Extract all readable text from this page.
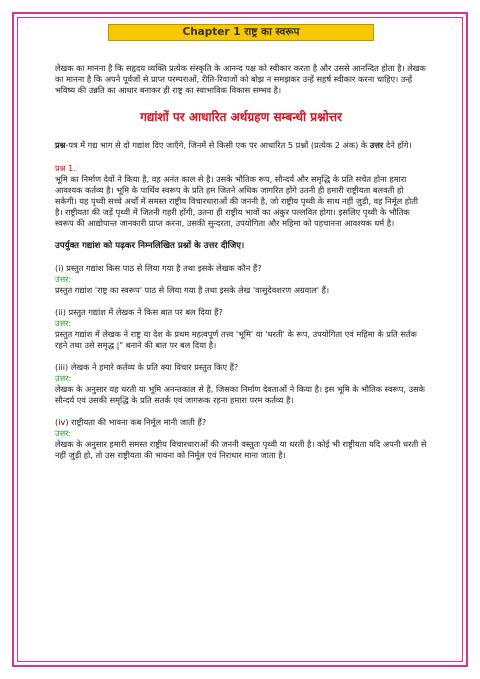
Chapter 1 राष्ट्र का स्वरूप

लेखक का मानना है कि सहृदय व्यक्ति प्रत्येक संस्कृति के आनन्द पक्ष को स्वीकार करता है और उससे आनन्दित होता है। लेखक का मानना है कि अपने पूर्वजों से प्राप्त परम्पराओं, रीति-रिवाजों को बोझ न समझकर उन्हें सहर्ष स्वीकार करना चाहिए। उन्हें भविष्य की उन्नति का आधार बनाकर ही राष्ट्र का स्वाभाविक विकास सम्भव है।

गद्यांशों पर आधारित अर्थग्रहण सम्बन्धी प्रश्नोत्तर

प्रश्न-पत्र में गद्य भाग से दो गद्यांश दिए जाएँगे, जिनमें से किसी एक पर आधारित 5 प्रश्नों (प्रत्येक 2 अंक) के उत्तर देने होंगे।

प्रश्न 1.

भूमि का निर्माण देवों ने किया है, वह अनंत काल से है। उसके भौतिक रूप, सौन्दर्य और समृद्धि के प्रति सचेत होना हमारा आवश्यक कर्तव्य है। भूमि के पार्थिव स्वरूप के प्रति हम जितने अधिक जागरित होंगे उतनी ही हमारी राष्ट्रीयता बलवती हो सकेगी। यह पृथ्वी सच्चे अर्थों में समस्त राष्ट्रीय विचारधाराओं की जननी है, जो राष्ट्रीय पृथ्वी के साथ नहीं जुड़ी, वह निर्मूल होती है। राष्ट्रीयता की जड़ें पृथ्वी में जितनी गहरी होंगी, उतना ही राष्ट्रीय भावों का अंकुर पल्लवित होगा। इसलिए पृथ्वी के भौतिक स्वरूप की आद्योपान्त जानकारी प्राप्त करना, उसकी सुन्दरता, उपयोगिता और महिमा को पहचानना आवश्यक धर्म है।

उपर्युक्त गद्यांश को पढ़कर निम्नलिखित प्रश्नों के उत्तर दीजिए।

(i) प्रस्तुत गद्यांश किस पाठ से लिया गया है तथा इसके लेखक कौन हैं?

उत्तर:

प्रस्तुत गद्यांश 'राष्ट्र का स्वरूप' पाठ से लिया गया है तथा इसके लेख 'वासुदेवशरण अग्रवाल' हैं।

(ii) प्रस्तुत गद्यांश में लेखक ने किस बात पर बल दिया हैं?

उत्तर:

प्रस्तुत गद्यांश में लेखक ने राष्ट्र या देश के प्रथम महत्वपूर्ण तत्त्व 'भूमि' या 'धरती' के रूप, उपयोगिता एवं महिमा के प्रति सर्तक रहने तथा उसे समृद्ध |" बनाने की बात पर बल दिया है।

(iii) लेखक ने हमारे कर्तव्य के प्रति क्या विचार प्रस्तुत किए हैं?

उत्तर:

लेखक के अनुसार यह धरती या भूमि अनन्तकाल से है, जिसका निर्माण देवताओं ने किया है। इस भूमि के भौतिक स्वरूप, उसके सौन्दर्य एवं उसकी समृद्धि के प्रति सतर्क एवं जागरूक रहना हमारा परम कर्तव्य है।

(iv) राष्ट्रीयता की भावना कब निर्मूल मानी जाती हैं?

उत्तर:

लेखक के अनुसार हमारी समस्त राष्ट्रीय विचारधाराओं की जननी वस्तुतः पृथ्वी या धरती है। कोई भी राष्ट्रीयता यदि अपनी धरती से नहीं जुड़ी हो, तो उस राष्ट्रीयता की भावना को निर्मूल एवं निराधार माना जाता है।
